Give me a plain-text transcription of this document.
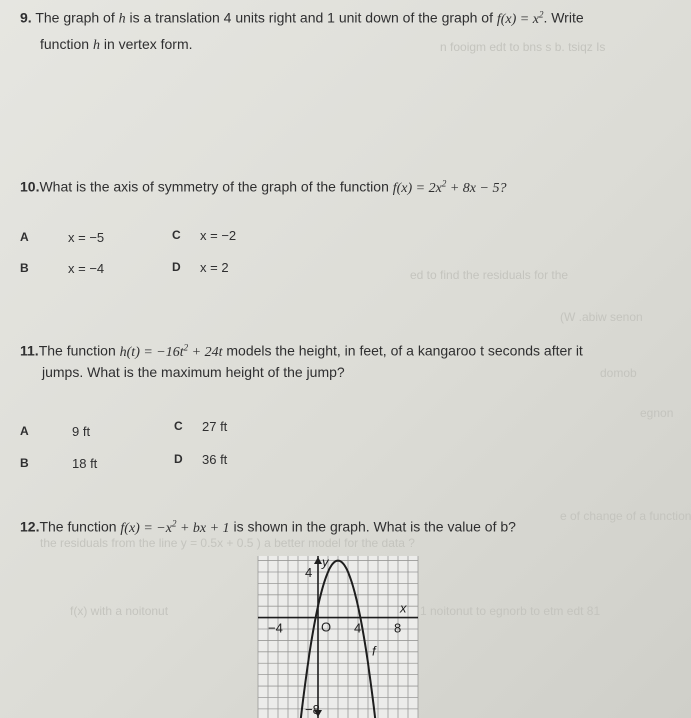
ed to find the residuals for the
(W .abiw senon
domob
egnon
the residuals from the line y = 0.5x + 0.5 ) a better model for the data ?
e of change of a function
1 noitonut to egnorb to etm edt 81
f(x) with a noitonut
n fooigm edt to bns s b. tsiqz Is
9. The graph of h is a translation 4 units right and 1 unit down of the graph of $f(x) = x^2$. Write
function h in vertex form.
10.What is the axis of symmetry of the graph of the function $f(x) = 2x^2 + 8x - 5$?
A	x = −5
B	x = −4
C x = −2
D x = 2
11.The function $h(t) = -16t^2 + 24t$ models the height, in feet, of a kangaroo t seconds after it
jumps. What is the maximum height of the jump?
A	9 ft
B	18 ft
C 27 ft
D 36 ft
12.The function $f(x) = -x^2$ + bx + 1 is shown in the graph. What is the value of b?
4
y
x
−4	O 4	8
f
−8
